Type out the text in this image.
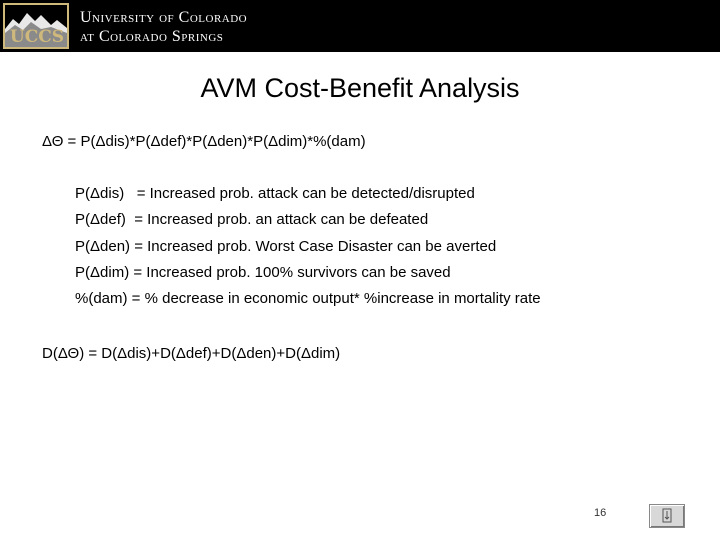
UCCS
University of Colorado
at Colorado Springs
AVM Cost-Benefit Analysis
ΔΘ = P(Δdis)*P(Δdef)*P(Δden)*P(Δdim)*%(dam)
P(Δdis)   = Increased prob. attack can be detected/disrupted
P(Δdef)  = Increased prob. an attack can be defeated
P(Δden) = Increased prob. Worst Case Disaster can be averted
P(Δdim) = Increased prob. 100% survivors can be saved
%(dam) = % decrease in economic output* %increase in mortality rate
D(ΔΘ) = D(Δdis)+D(Δdef)+D(Δden)+D(Δdim)
16
